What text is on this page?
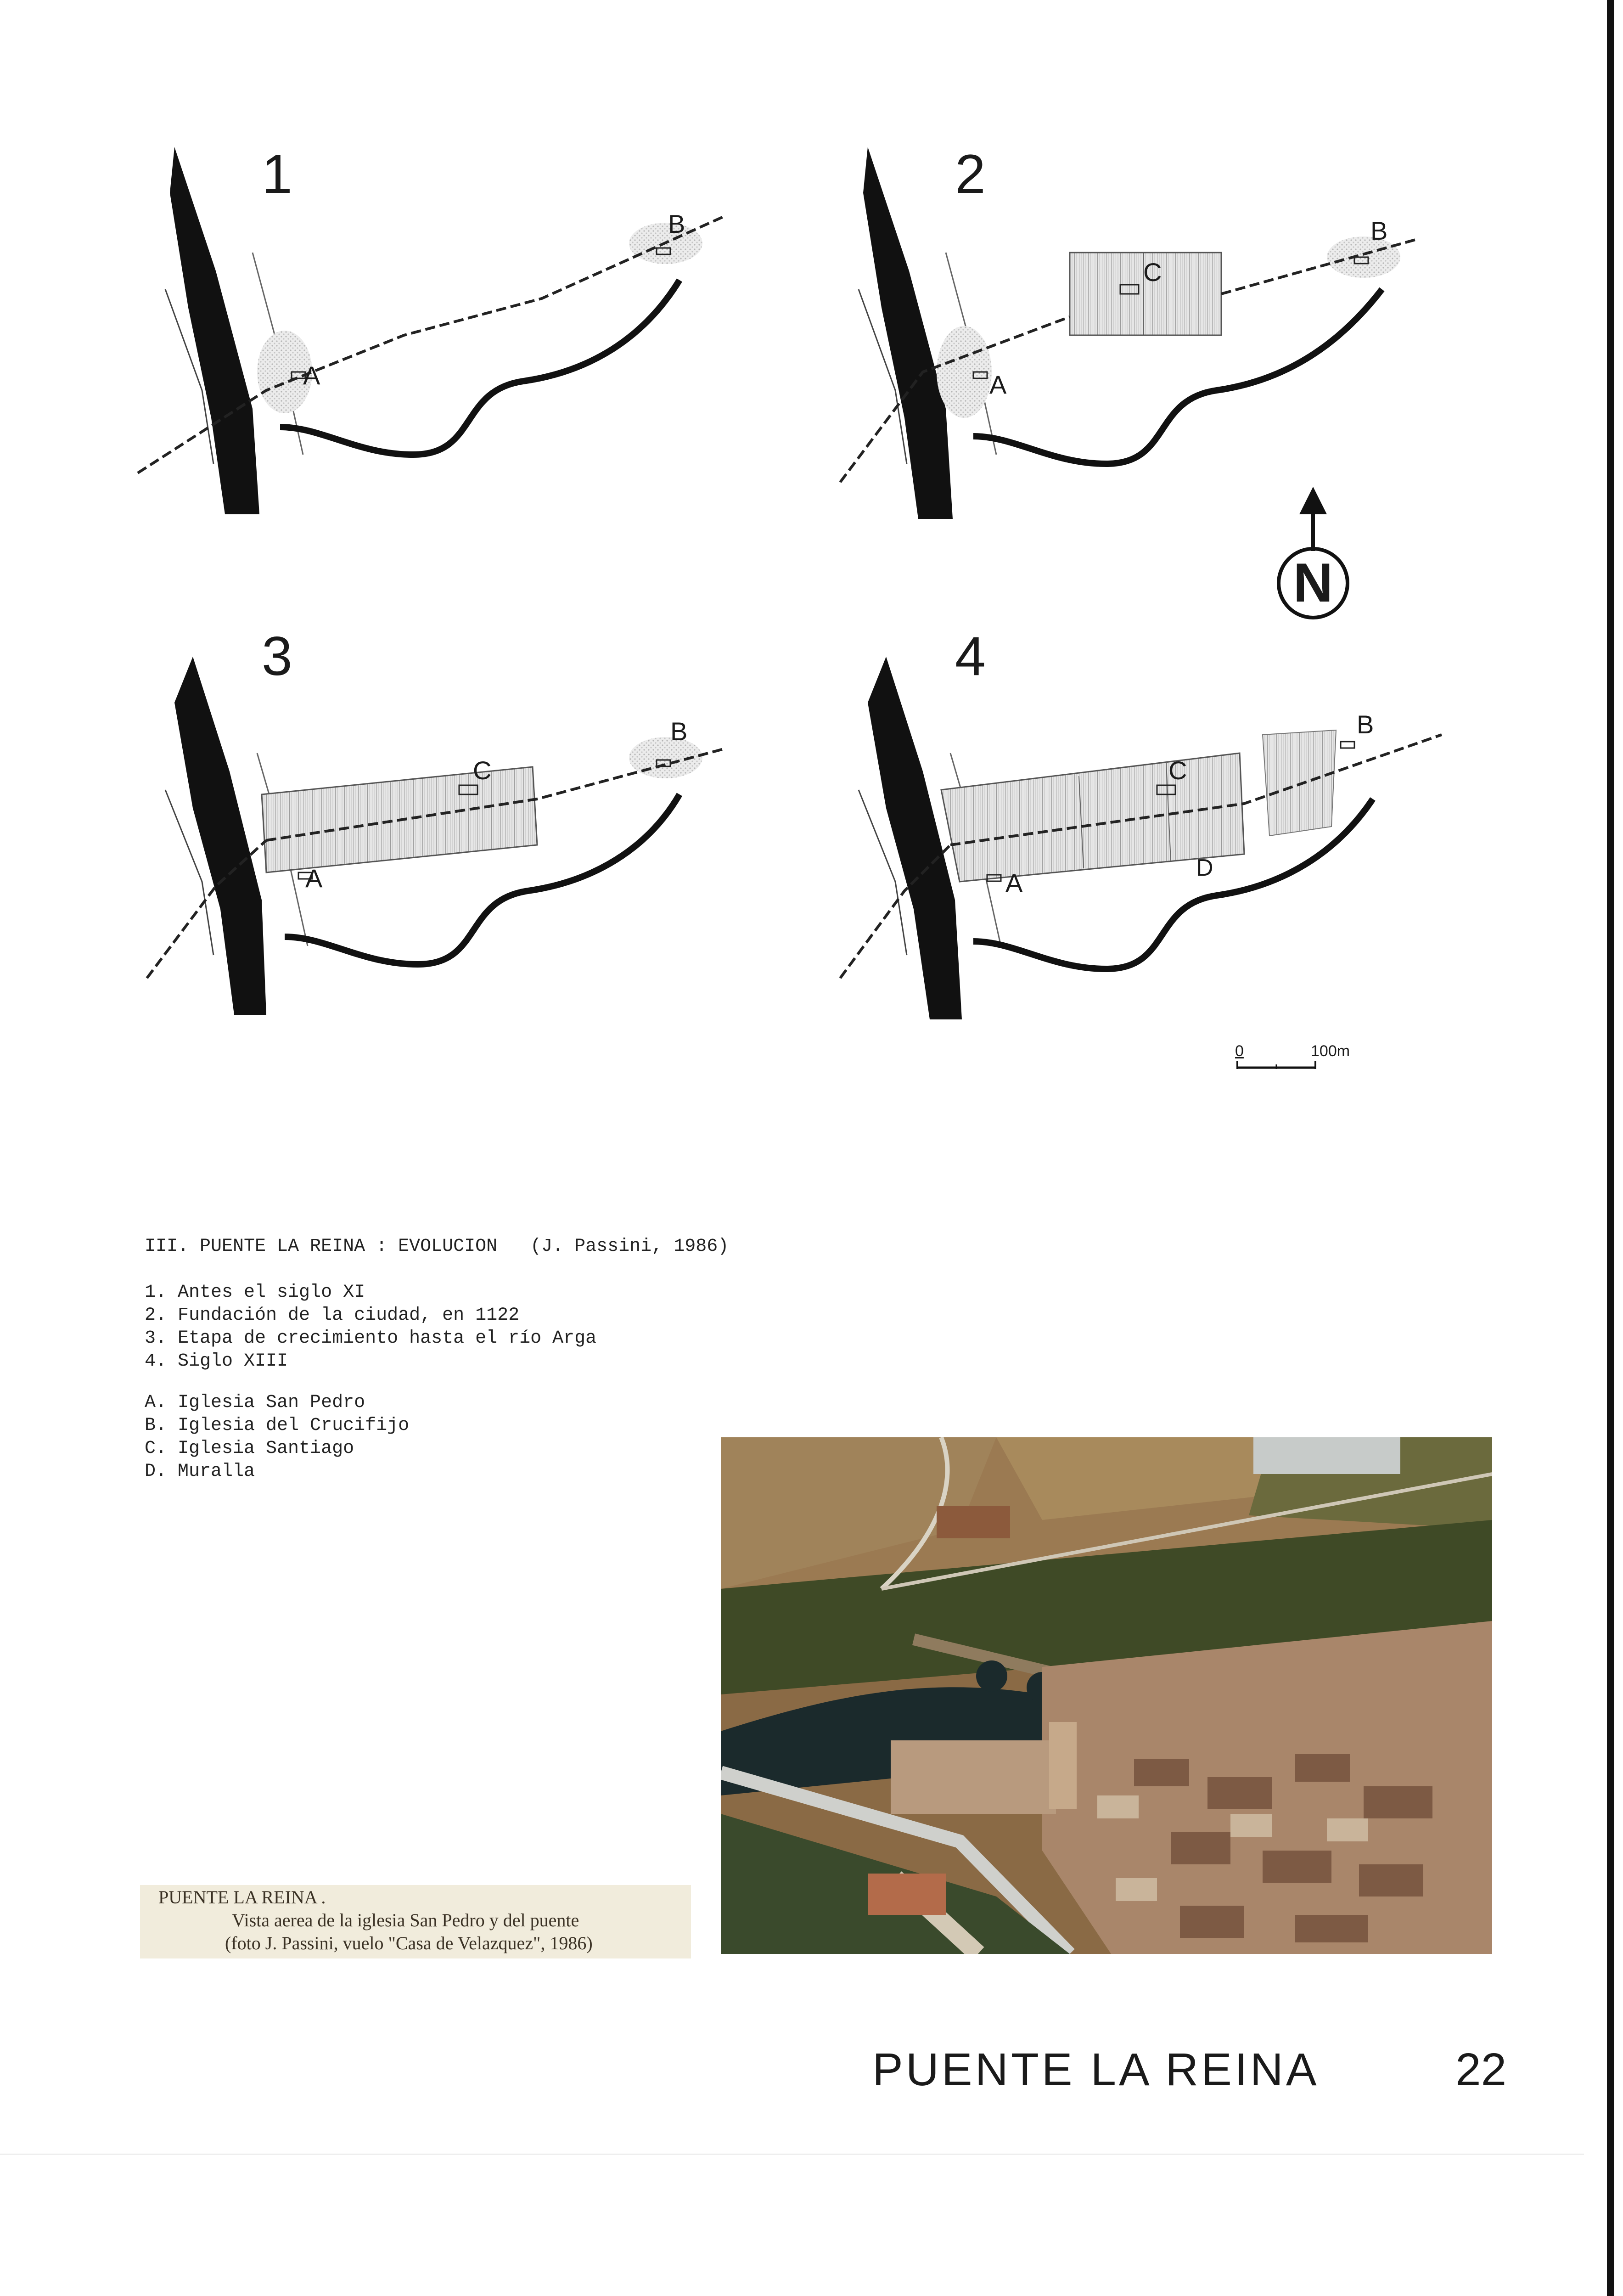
1
A
B
2
A
B
C
3
A
B
C
4
A
B
C
D
N
0	100m
III. PUENTE LA REINA : EVOLUCION   (J. Passini, 1986)
1. Antes el siglo XI
2. Fundación de la ciudad, en 1122
3. Etapa de crecimiento hasta el río Arga
4. Siglo XIII
A. Iglesia San Pedro
B. Iglesia del Crucifijo
C. Iglesia Santiago
D. Muralla
PUENTE LA REINA .
Vista aerea de la iglesia San Pedro y del puente
(foto J. Passini, vuelo "Casa de Velazquez", 1986)
PUENTE LA REINA	22
